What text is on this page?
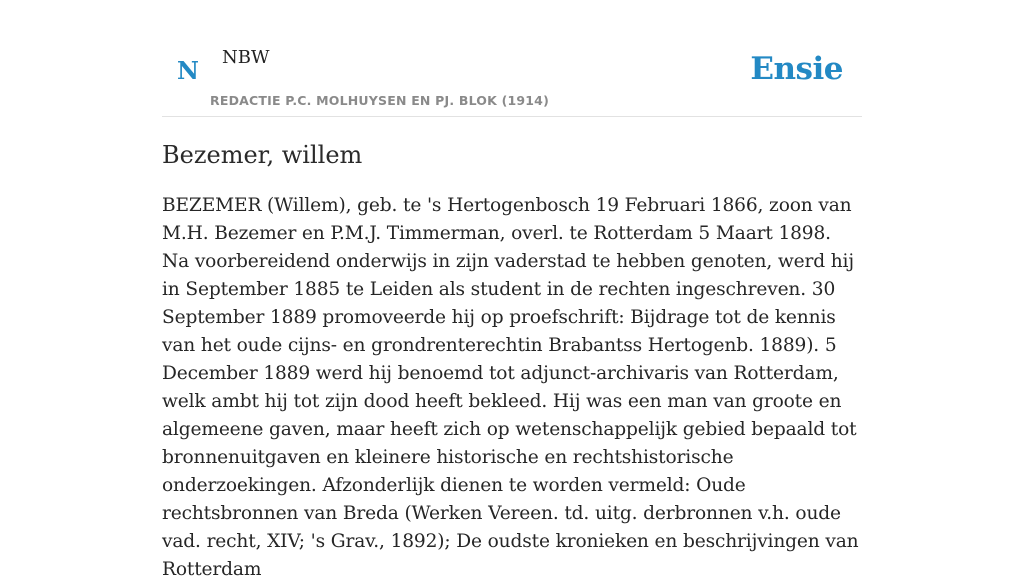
N NBW
REDACTIE P.C. MOLHUYSEN EN PJ. BLOK (1914)
Ensie
Bezemer, willem

BEZEMER (Willem), geb. te 's Hertogenbosch 19 Februari 1866, zoon van M.H. Bezemer en P.M.J. Timmerman, overl. te Rotterdam 5 Maart 1898. Na voorbereidend onderwijs in zijn vaderstad te hebben genoten, werd hij in September 1885 te Leiden als student in de rechten ingeschreven. 30 September 1889 promoveerde hij op proefschrift: Bijdrage tot de kennis van het oude cijns- en grondrenterechtin Brabantss Hertogenb. 1889). 5 December 1889 werd hij benoemd tot adjunct-archivaris van Rotterdam, welk ambt hij tot zijn dood heeft bekleed. Hij was een man van groote en algemeene gaven, maar heeft zich op wetenschappelijk gebied bepaald tot bronnenuitgaven en kleinere historische en rechtshistorische onderzoekingen. Afzonderlijk dienen te worden vermeld: Oude rechtsbronnen van Breda (Werken Vereen. td. uitg. derbronnen v.h. oude vad. recht, XIV; 's Grav., 1892); De oudste kronieken en beschrijvingen van Rotterdam
